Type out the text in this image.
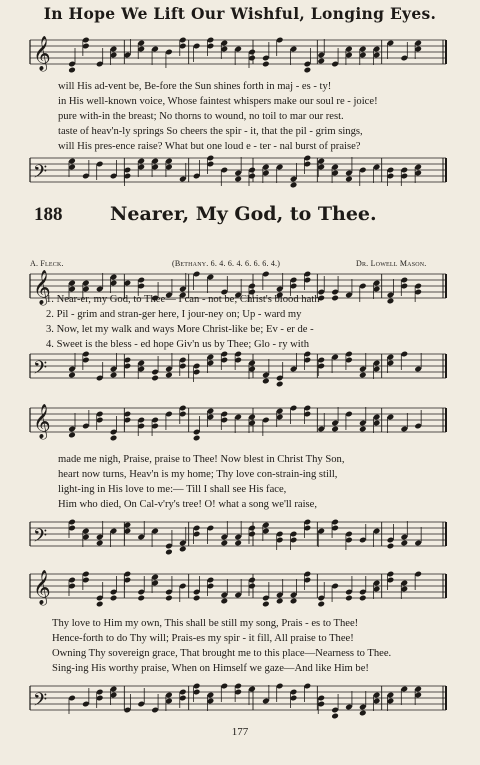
In Hope We Lift Our Wishful, Longing Eyes.
𝄞
will His ad-vent be, Be-fore the Sun shines forth in maj - es - ty!
in His well-known voice, Whose faintest whispers make our soul re - joice!
pure with-in the breast; No thorns to wound, no toil to mar our rest.
taste of heav'n-ly springs So cheers the spir - it, that the pil - grim sings,
will His pres-ence raise? What but one loud e - ter - nal burst of praise?
𝄢
188	Nearer, My God, to Thee.
A. Fleck.	(Bethany. 6. 4. 6. 4. 6. 6. 6. 4.)	Dr. Lowell Mason.
𝄞
1. Near-er, my God, to Thee— I can - not be; Christ's blood hath
2. Pil - grim and stran-ger here, I jour-ney on; Up - ward my
3. Now, let my walk and ways More Christ-like be; Ev - er de -
4. Sweet is the bless - ed hope Giv'n us by Thee; Glo - ry with
𝄢
𝄞
made me nigh, Praise, praise to Thee! Now blest in Christ Thy Son,
heart now turns, Heav'n is my home; Thy love con-strain-ing still,
light-ing in His love to me:— Till I shall see His face,
Him who died, On Cal-v'ry's tree! O! what a song we'll raise,
𝄢
𝄞
Thy love to Him my own, This shall be still my song, Prais - es to Thee!
Hence-forth to do Thy will; Prais-es my spir - it fill, All praise to Thee!
Owning Thy sovereign grace, That brought me to this place—Nearness to Thee.
Sing-ing His worthy praise, When on Himself we gaze—And like Him be!
𝄢
177
